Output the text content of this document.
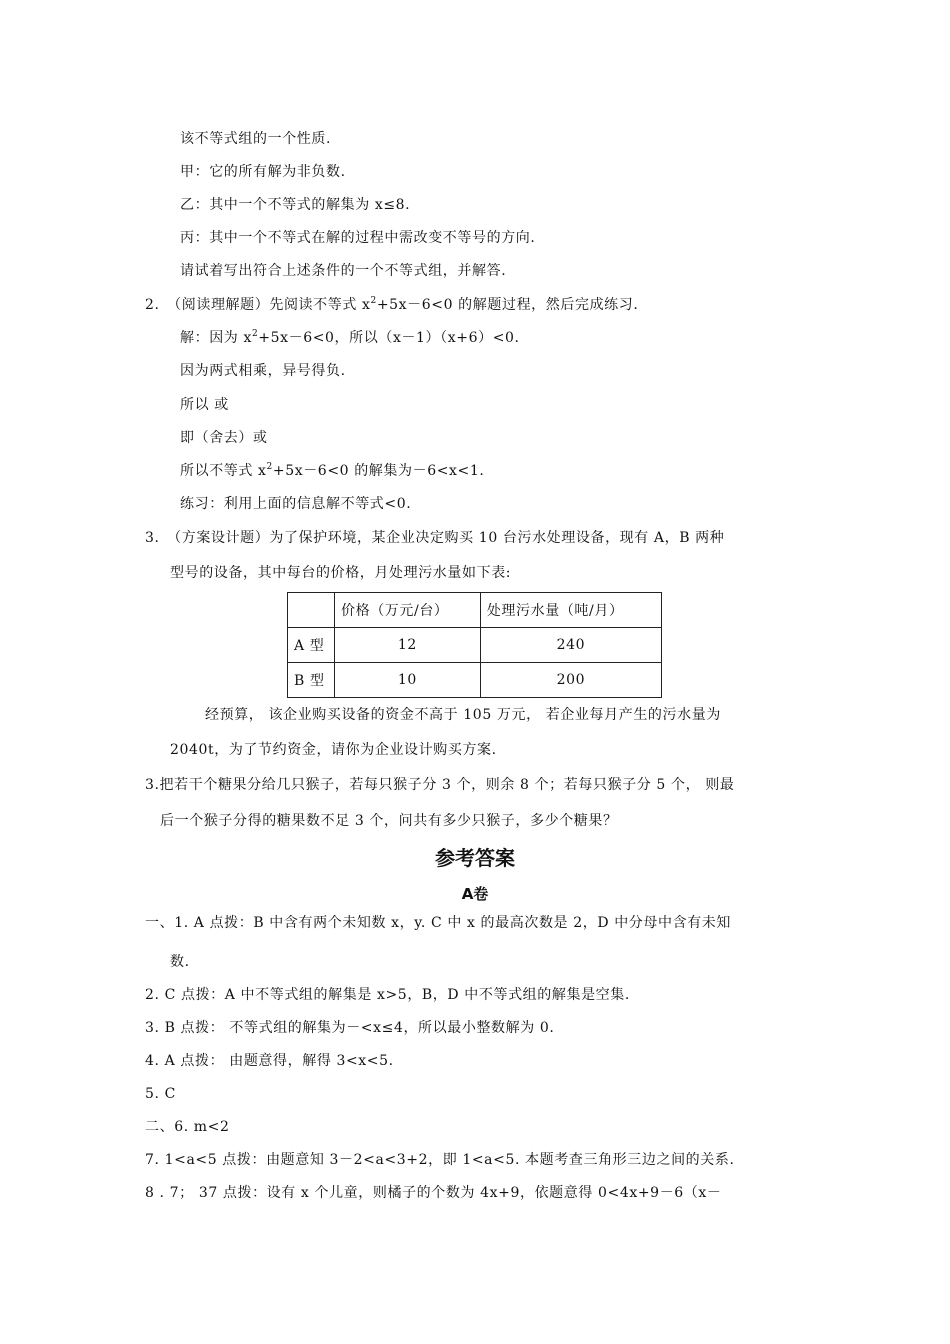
该不等式组的一个性质.
甲：它的所有解为非负数.
乙：其中一个不等式的解集为 x≤8.
丙：其中一个不等式在解的过程中需改变不等号的方向.
请试着写出符合上述条件的一个不等式组，并解答.
2.　（阅读理解题）先阅读不等式 $x^2+5x-6<0$ 的解题过程，然后完成练习.
解：因为 $x^2+5x-6<0$，所以（x－1）（x+6）<0.
因为两式相乘，异号得负.
所以 或
即（舍去）或
所以不等式 $x^2+5x-6<0$ 的解集为－6<x<1.
练习：利用上面的信息解不等式<0.
3.　（方案设计题）为了保护环境，某企业决定购买 10 台污水处理设备，现有 A，B 两种
型号的设备，其中每台的价格，月处理污水量如下表:
	价格（万元/台）	处理污水量（吨/月）
A 型	12	240
B 型	10	200
经预算， 该企业购买设备的资金不高于 105 万元， 若企业每月产生的污水量为
2040t，为了节约资金，请你为企业设计购买方案.
3.把若干个糖果分给几只猴子，若每只猴子分 3 个，则余 8 个；若每只猴子分 5 个， 则最
后一个猴子分得的糖果数不足 3 个，问共有多少只猴子，多少个糖果？
参考答案
A卷
一、1. A 点拨：B 中含有两个未知数 x，y. C 中 x 的最高次数是 2，D 中分母中含有未知
数.
2. C 点拨：A 中不等式组的解集是 x>5，B，D 中不等式组的解集是空集.
3. B 点拨： 不等式组的解集为－<x≤4，所以最小整数解为 0.
4. A 点拨： 由题意得，解得 3<x<5.
5. C
二、6. m<2
7. 1<a<5 点拨：由题意知 3－2<a<3+2，即 1<a<5. 本题考查三角形三边之间的关系.
8 . 7； 37 点拨：设有 x 个儿童，则橘子的个数为 4x+9，依题意得 0<4x+9－6（x－
